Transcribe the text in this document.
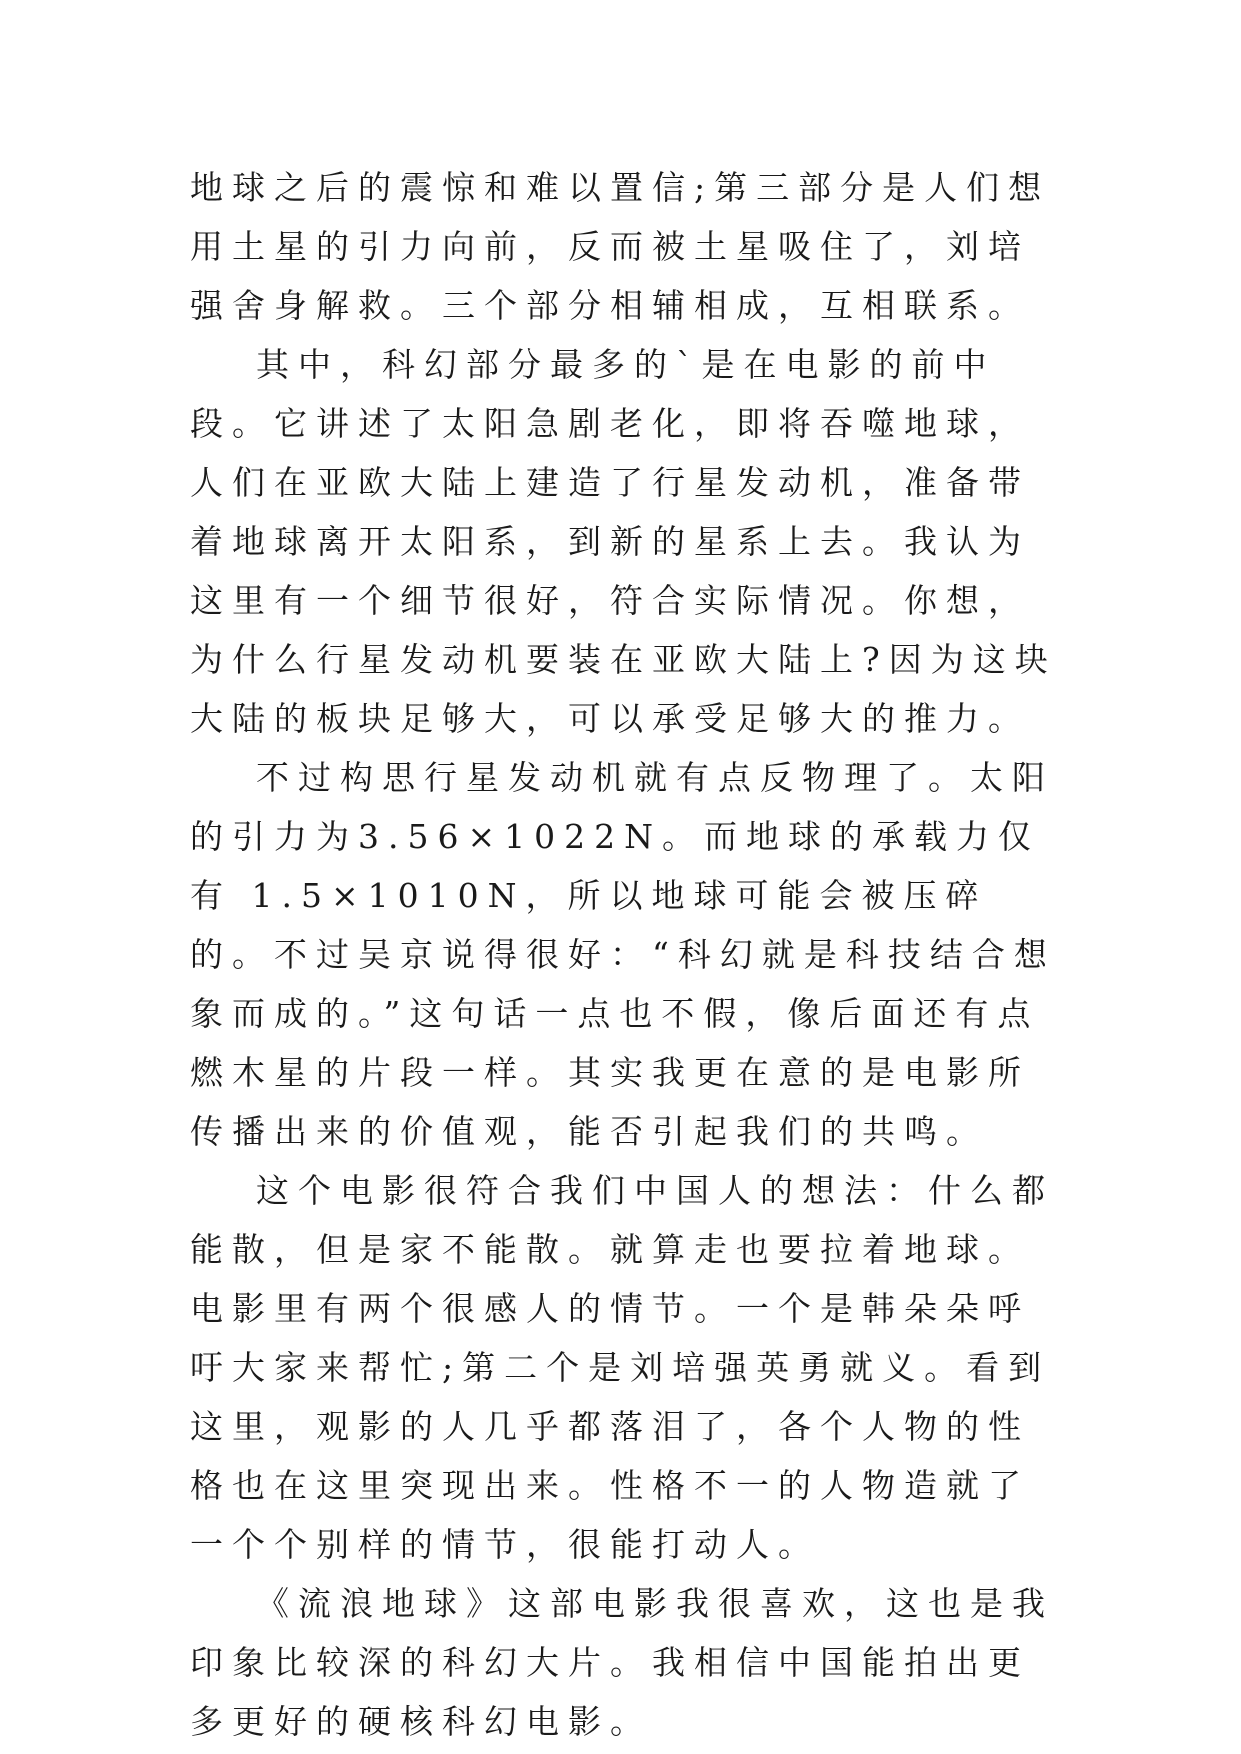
地球之后的震惊和难以置信;第三部分是人们想用土星的引力向前，反而被土星吸住了，刘培强舍身解救。三个部分相辅相成，互相联系。

其中，科幻部分最多的`是在电影的前中段。它讲述了太阳急剧老化，即将吞噬地球，人们在亚欧大陆上建造了行星发动机，准备带着地球离开太阳系，到新的星系上去。我认为这里有一个细节很好，符合实际情况。你想，为什么行星发动机要装在亚欧大陆上?因为这块大陆的板块足够大，可以承受足够大的推力。

不过构思行星发动机就有点反物理了。太阳的引力为3.56×1022N。而地球的承载力仅有 1.5×1010N，所以地球可能会被压碎的。不过吴京说得很好：“科幻就是科技结合想象而成的。”这句话一点也不假，像后面还有点燃木星的片段一样。其实我更在意的是电影所传播出来的价值观，能否引起我们的共鸣。

这个电影很符合我们中国人的想法：什么都能散，但是家不能散。就算走也要拉着地球。电影里有两个很感人的情节。一个是韩朵朵呼吁大家来帮忙;第二个是刘培强英勇就义。看到这里，观影的人几乎都落泪了，各个人物的性格也在这里突现出来。性格不一的人物造就了一个个别样的情节，很能打动人。

《流浪地球》这部电影我很喜欢，这也是我印象比较深的科幻大片。我相信中国能拍出更多更好的硬核科幻电影。
